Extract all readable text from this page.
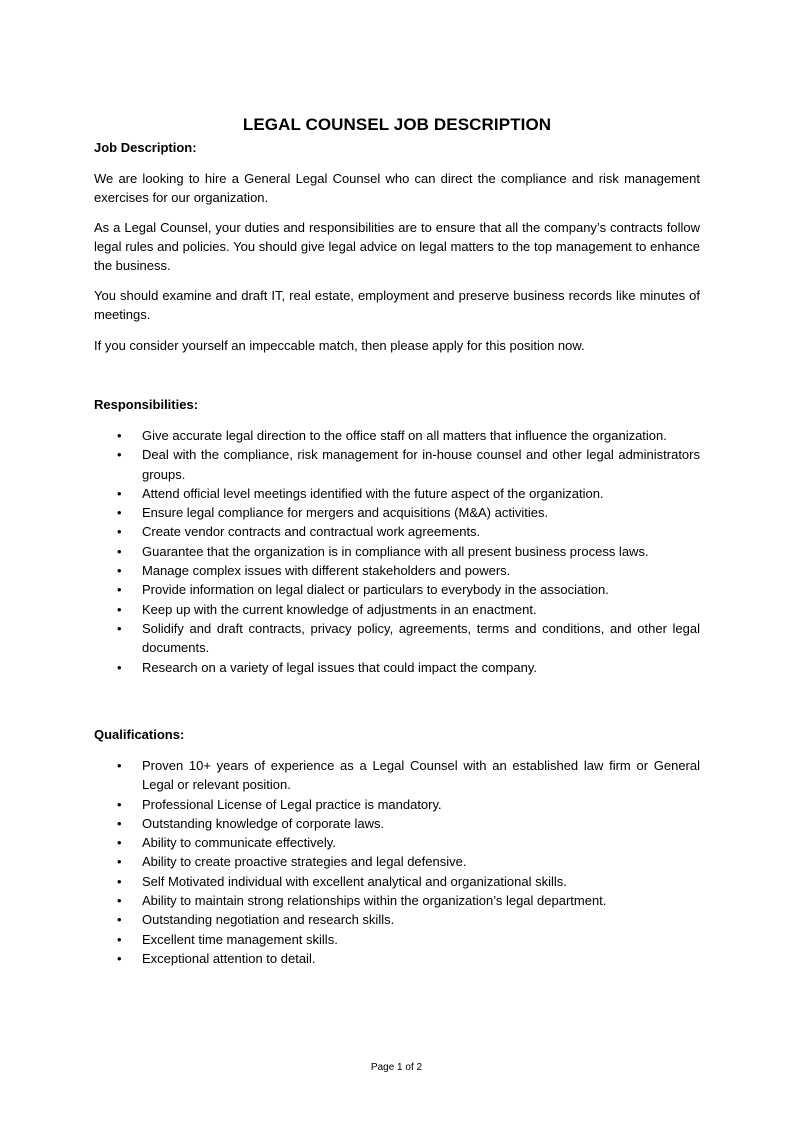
LEGAL COUNSEL JOB DESCRIPTION
Job Description:
We are looking to hire a General Legal Counsel who can direct the compliance and risk management exercises for our organization.
As a Legal Counsel, your duties and responsibilities are to ensure that all the company’s contracts follow legal rules and policies. You should give legal advice on legal matters to the top management to enhance the business.
You should examine and draft IT, real estate, employment and preserve business records like minutes of meetings.
If you consider yourself an impeccable match, then please apply for this position now.
Responsibilities:
• Give accurate legal direction to the office staff on all matters that influence the organization.
• Deal with the compliance, risk management for in-house counsel and other legal administrators groups.
• Attend official level meetings identified with the future aspect of the organization.
• Ensure legal compliance for mergers and acquisitions (M&A) activities.
• Create vendor contracts and contractual work agreements.
• Guarantee that the organization is in compliance with all present business process laws.
• Manage complex issues with different stakeholders and powers.
• Provide information on legal dialect or particulars to everybody in the association.
• Keep up with the current knowledge of adjustments in an enactment.
• Solidify and draft contracts, privacy policy, agreements, terms and conditions, and other legal documents.
• Research on a variety of legal issues that could impact the company.
Qualifications:
• Proven 10+ years of experience as a Legal Counsel with an established law firm or General Legal or relevant position.
• Professional License of Legal practice is mandatory.
• Outstanding knowledge of corporate laws.
• Ability to communicate effectively.
• Ability to create proactive strategies and legal defensive.
• Self Motivated individual with excellent analytical and organizational skills.
• Ability to maintain strong relationships within the organization’s legal department.
• Outstanding negotiation and research skills.
• Excellent time management skills.
• Exceptional attention to detail.
Page 1 of 2
